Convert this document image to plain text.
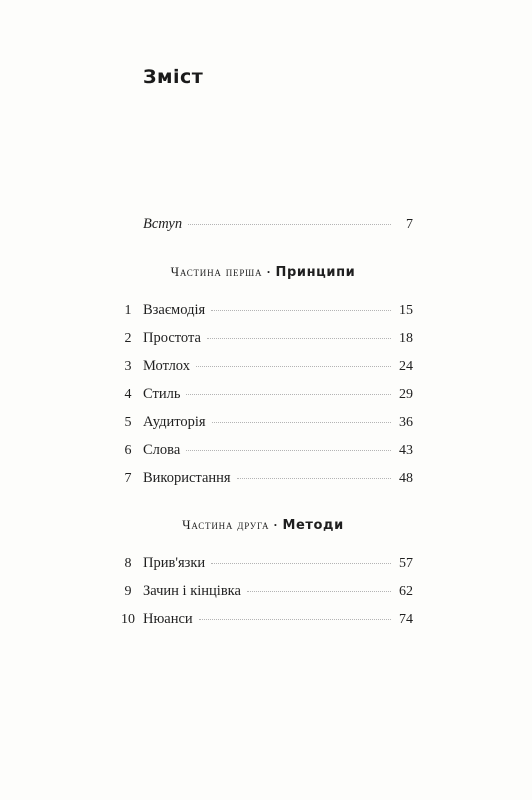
Зміст
Вступ	7
Частина перша · Принципи
1 Взаємодія	15
2 Простота	18
3 Мотлох	24
4 Стиль	29
5 Аудиторія	36
6 Слова	43
7 Використання	48
Частина друга · Методи
8 Прив'язки	57
9 Зачин і кінцівка	62
10 Нюанси	74
